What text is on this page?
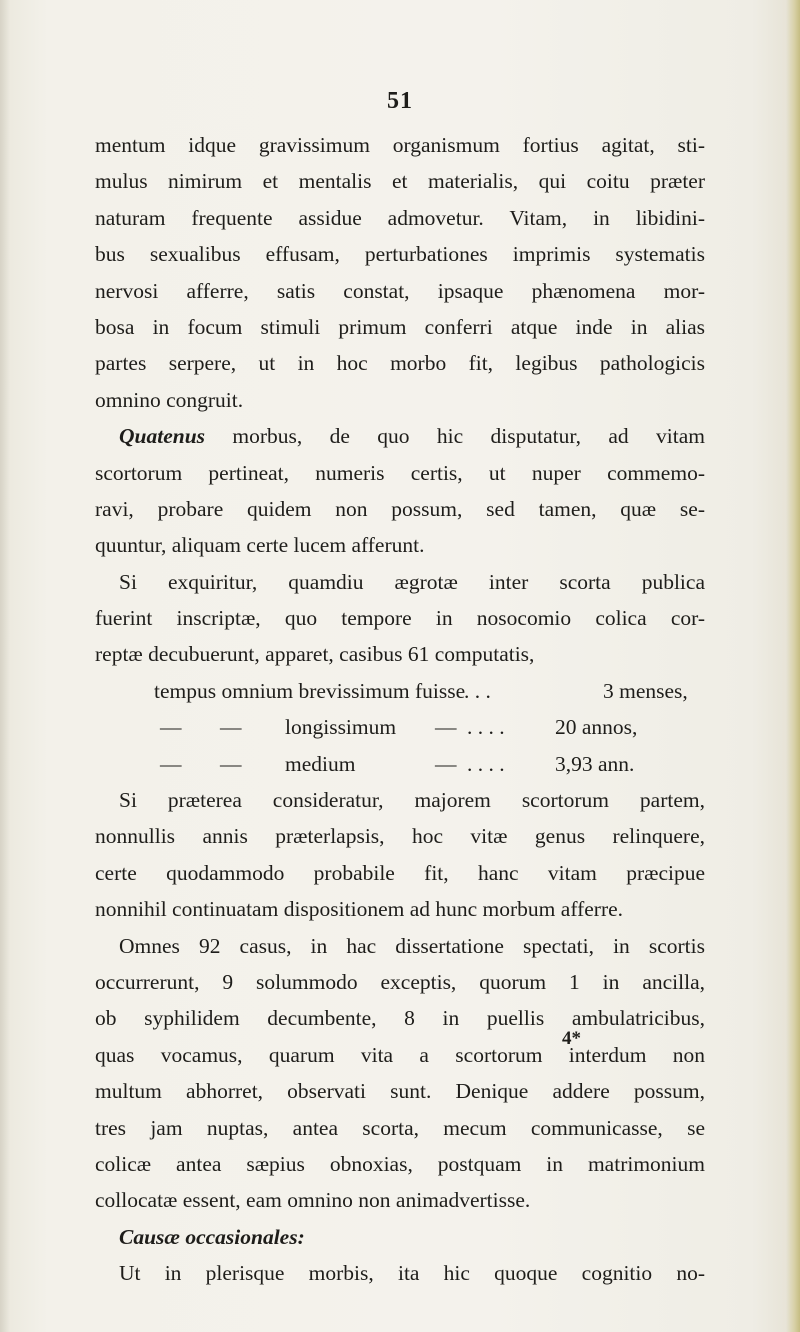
51
mentum idque gravissimum organismum fortius agitat, sti-
mulus nimirum et mentalis et materialis, qui coitu præter
naturam frequente assidue admovetur. Vitam, in libidini-
bus sexualibus effusam, perturbationes imprimis systematis
nervosi afferre, satis constat, ipsaque phænomena mor-
bosa in focum stimuli primum conferri atque inde in alias
partes serpere, ut in hoc morbo fit, legibus pathologicis
omnino congruit.
Quatenus morbus, de quo hic disputatur, ad vitam
scortorum pertineat, numeris certis, ut nuper commemo-
ravi, probare quidem non possum, sed tamen, quæ se-
quuntur, aliquam certe lucem afferunt.
Si exquiritur, quamdiu ægrotæ inter scorta publica
fuerint inscriptæ, quo tempore in nosocomio colica cor-
reptæ decubuerunt, apparet, casibus 61 computatis,
tempus omnium brevissimum fuisse
. . .	3 menses,
— — longissimum — . . . . 20 annos,
— — medium	— . . . . 3,93 ann.
Si præterea consideratur, majorem scortorum partem,
nonnullis annis præterlapsis, hoc vitæ genus relinquere,
certe quodammodo probabile fit, hanc vitam præcipue
nonnihil continuatam dispositionem ad hunc morbum afferre.
Omnes 92 casus, in hac dissertatione spectati, in scortis
occurrerunt, 9 solummodo exceptis, quorum 1 in ancilla,
ob syphilidem decumbente, 8 in puellis ambulatricibus,
quas vocamus, quarum vita a scortorum interdum non
multum abhorret, observati sunt. Denique addere possum,
tres jam nuptas, antea scorta, mecum communicasse, se
colicæ antea sæpius obnoxias, postquam in matrimonium
collocatæ essent, eam omnino non animadvertisse.
Causæ occasionales:
Ut in plerisque morbis, ita hic quoque cognitio no-
4*
